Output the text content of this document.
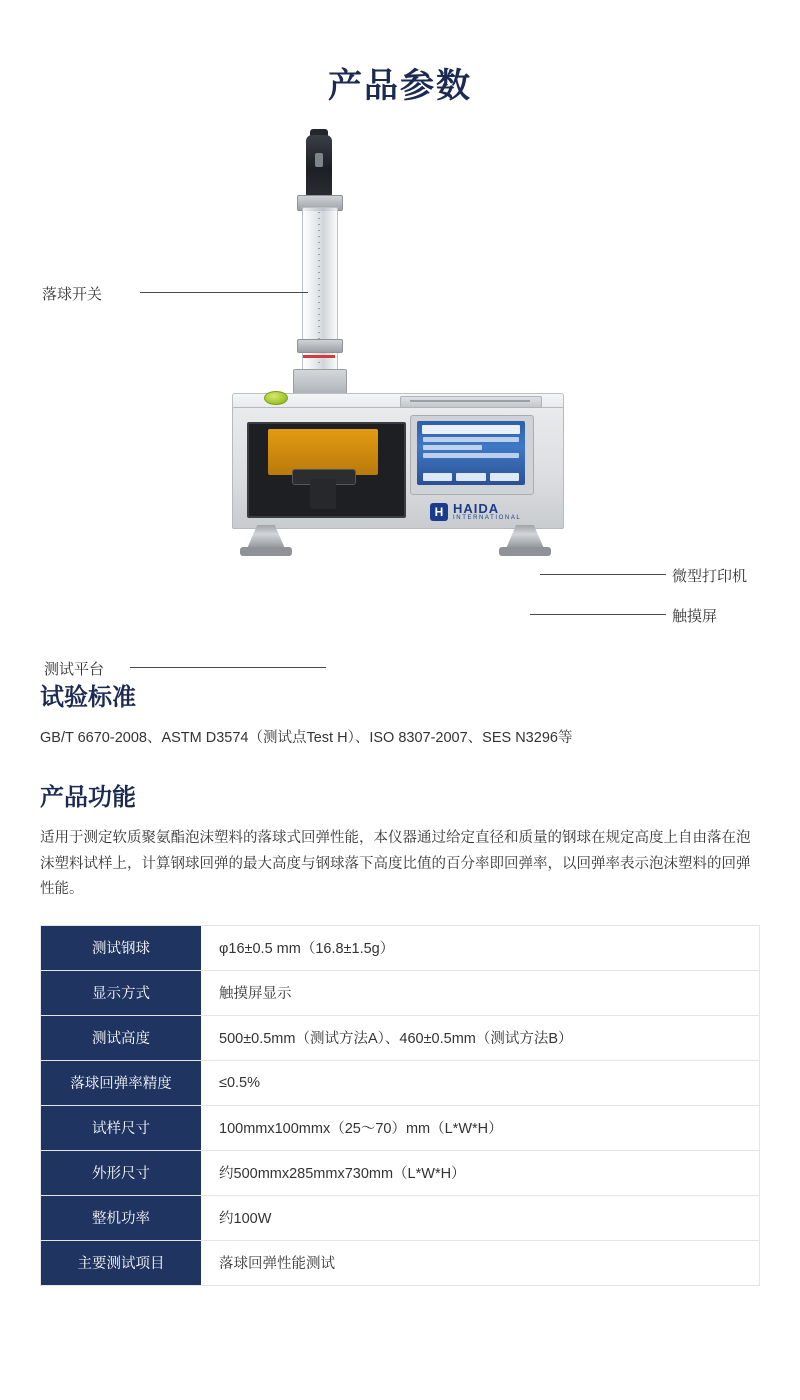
产品参数
H HAIDA
INTERNATIONAL
落球开关
微型打印机
触摸屏
测试平台
试验标准

GB/T 6670-2008、ASTM D3574（测试点Test H）、ISO 8307-2007、SES N3296等

产品功能

适用于测定软质聚氨酯泡沫塑料的落球式回弹性能，本仪器通过给定直径和质量的钢球在规定高度上自由落在泡沫塑料试样上，计算钢球回弹的最大高度与钢球落下高度比值的百分率即回弹率，以回弹率表示泡沫塑料的回弹性能。

测试钢球	φ16±0.5 mm（16.8±1.5g）
显示方式	触摸屏显示
测试高度	500±0.5mm（测试方法A）、460±0.5mm（测试方法B）
落球回弹率精度	≤0.5%
试样尺寸	100mmx100mmx（25～70）mm（L*W*H）
外形尺寸	约500mmx285mmx730mm（L*W*H）
整机功率	约100W
主要测试项目	落球回弹性能测试
